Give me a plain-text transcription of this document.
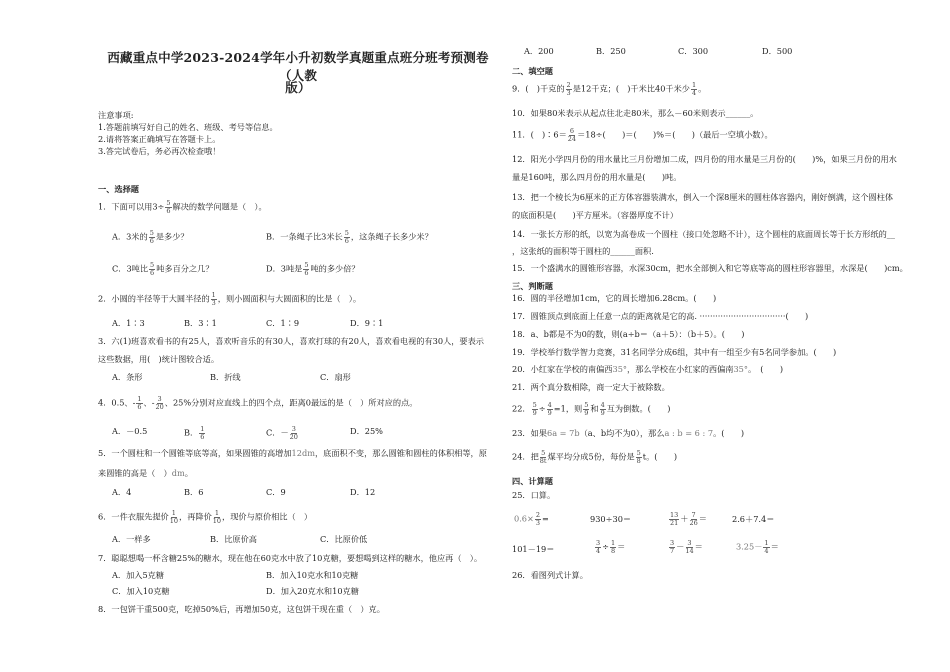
西藏重点中学2023-2024学年小升初数学真题重点班分班考预测卷（人教
版）
注意事项:
1.答题前填写好自己的姓名、班级、考号等信息。
2.请将答案正确填写在答题卡上。
3.答完试卷后，务必再次检查哦！
一、选择题
1．下面可以用$3\div \frac{5}{6}$ 解决的数学问题是（　）。
A．3米的 $\frac{5}{6}$ 是多少？	B．一条绳子比3米长 $\frac{5}{6}$ ，这条绳子长多少米？
C．3吨比 $\frac{5}{6}$ 吨多百分之几？	D．3吨是 $\frac{5}{6}$ 吨的多少倍？
2．小圆的半径等于大圆半径的 $\frac{1}{3}$ ，则小圆面积与大圆面积的比是（　）。
A．1∶3	B．3∶1	C．1∶9	D．9∶1
3．六(1)班喜欢看书的有25人，喜欢听音乐的有30人，喜欢打球的有20人，喜欢看电视的有30人，要表示
这些数据，用(　)统计图较合适。
A．条形	B．折线	C．扇形
4．0.5、- $\frac{1}{6}$ 、- $\frac{3}{20}$ 、25%分别对应直线上的四个点，距离0最远的是（　）所对应的点。
A．－0.5	B． $\frac{1}{6}$	C．－ $\frac{3}{20}$	D．25%
5．一个圆柱和一个圆锥等底等高，如果圆锥的高增加12dm，底面积不变，那么圆锥和圆柱的体积相等，原
来圆锥的高是（　）dm。
A．4	B．6	C．9	D．12
6．一件衣服先提价 $\frac{1}{10}$ ，再降价 $\frac{1}{10}$ ，现价与原价相比（　）
A．一样多	B．比原价高	C．比原价低
7．聪聪想喝一杯含糖25%的糖水，现在他在60克水中放了10克糖，要想喝到这样的糖水，他应再（　）。
A．加入5克糖	B．加入10克水和10克糖
C．加入10克糖	D．加入20克水和10克糖
8．一包饼干重500克，吃掉50%后，再增加50克，这包饼干现在重（　）克。
A．200	B．250	C．300	D．500
二、填空题
9．(　)千克的 $\frac{2}{3}$ 是12千克；(　)千米比40千米少 $\frac{1}{4}$ 。
10．如果80米表示从起点往北走80米，那么－60米则表示______。
11．(　)∶6＝ $\frac{6}{24} =18\div$(　　)＝(　　)%＝(　　)（最后一空填小数）。
12．阳光小学四月份的用水量比三月份增加二成，四月份的用水量是三月份的(　　)%，如果三月份的用水
量是160吨，那么四月份的用水量是(　　)吨。
13．把一个棱长为6厘米的正方体容器装满水，倒入一个深8厘米的圆柱体容器内，刚好倒满，这个圆柱体
的底面积是(　　)平方厘米。（容器厚度不计）
14．一张长方形的纸，以宽为高卷成一个圆柱（接口处忽略不计），这个圆柱的底面周长等于长方形纸的__
，这张纸的面积等于圆柱的______面积.
15．一个盛满水的圆锥形容器，水深30cm，把水全部倒入和它等底等高的圆柱形容器里，水深是(　　)cm。
三、判断题
16．圆的半径增加1cm，它的周长增加6.28cm。(　　)
17．圆锥顶点到底面上任意一点的距离就是它的高. ·································(　　)
18．a、b都是不为0的数，则(a÷b＝（a＋5）：（b＋5）。(　　)
19．学校举行数学智力竞赛，31名同学分成6组，其中有一组至少有5名同学参加。(　　)
20．小红家在学校的南偏西35°，那么学校在小红家的西偏南35°。　(　　)
21．两个真分数相除，商一定大于被除数。
22． $\frac{5}{9} \div \frac{4}{9} =1$，则 $\frac{5}{9}$ 和 $\frac{4}{9}$ 互为倒数。(　　)
23．如果6a = 7b（a、b均不为0），那么a : b = 6 : 7。(　　)
24．把 $\frac{5}{8t}$ 煤平均分成5份，每份是 $\frac{5}{8}$ t。(　　)
四、计算题
25．口算。
$0.6\times \frac{2}{3}$ =	930÷30＝	$\frac{13}{21} + \frac{7}{26}$ ＝	2.6＋7.4＝
101－19＝	$\frac{3}{4} \div \frac{1}{8}$ ＝	$\frac{3}{7} - \frac{3}{14}$ ＝	$3.25- \frac{1}{4}$ ＝
26．看图列式计算。
